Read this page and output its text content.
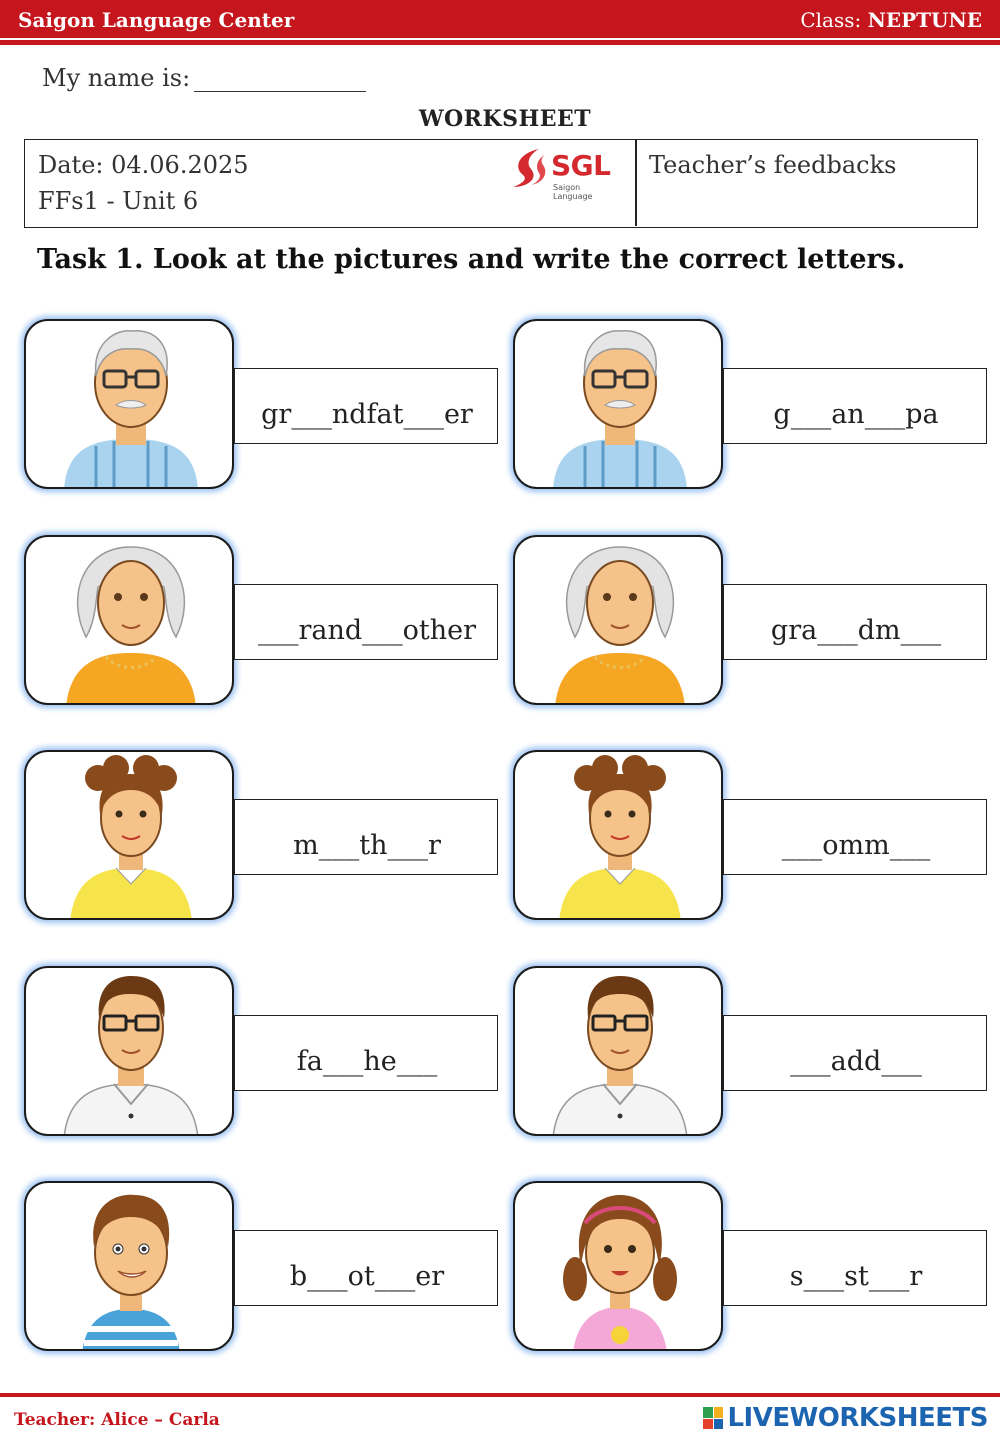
Saigon Language Center	Class: NEPTUNE
My name is:
WORKSHEET
Date: 04.06.2025
FFs1 - Unit 6
SGL
Saigon Language
Teacher’s feedbacks
Task 1. Look at the pictures and write the correct letters.
gr___ndfat___er	g___an___pa
___rand___other	gra___dm___
m___th___r	___omm___
fa___he___	___add___
b___ot___er	s___st___r
Teacher: Alice – Carla	LIVEWORKSHEETS
